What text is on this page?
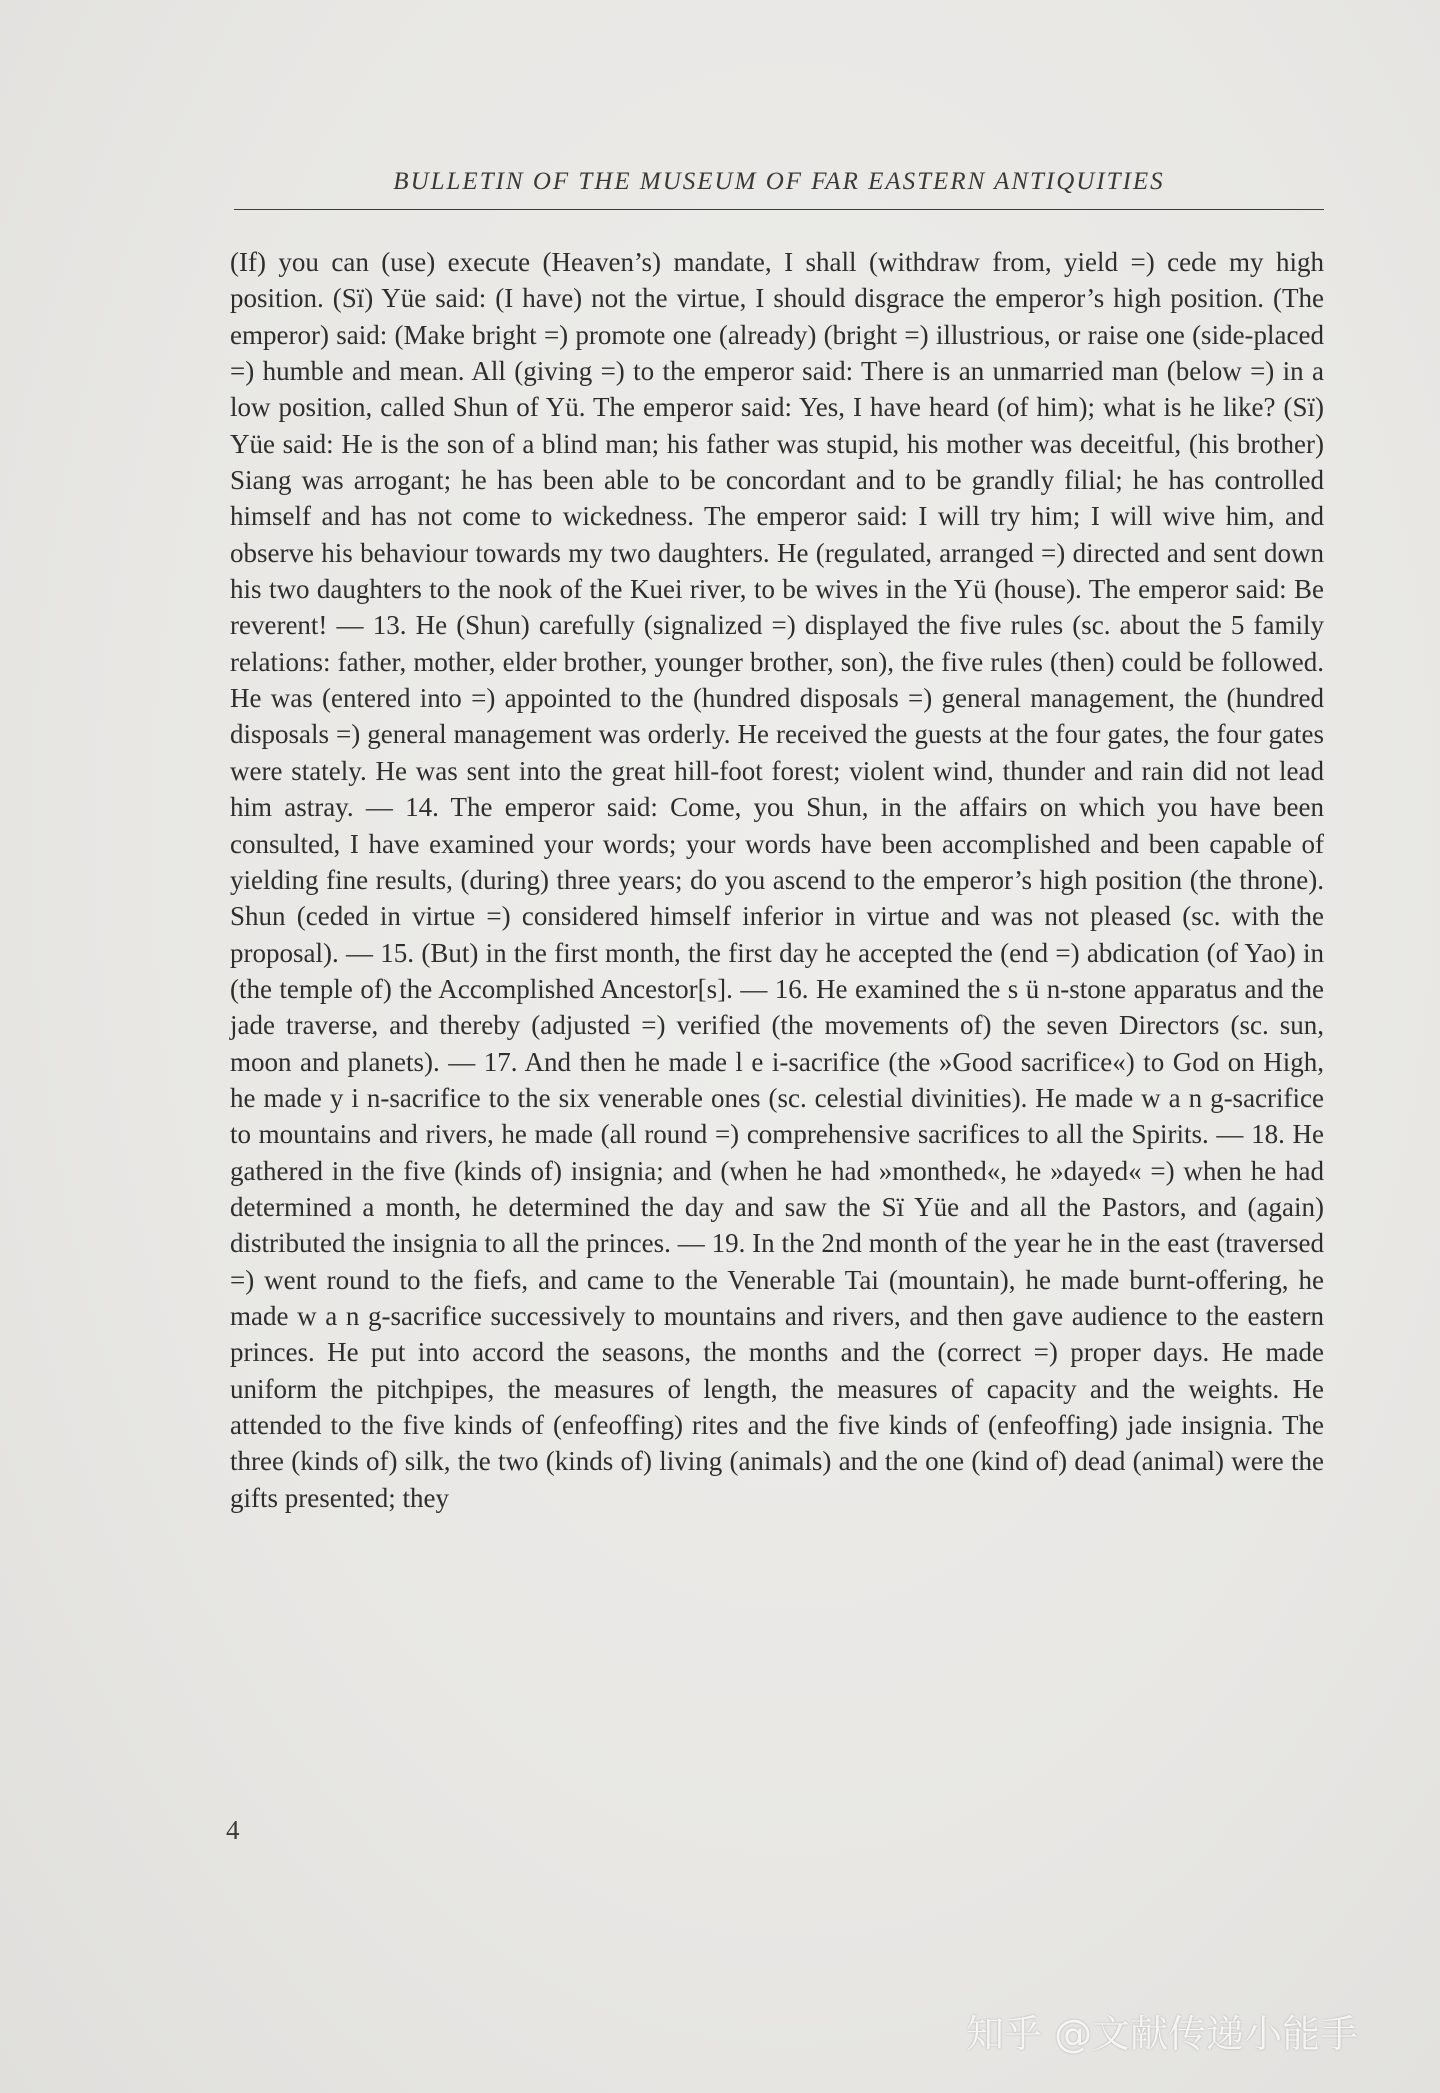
BULLETIN OF THE MUSEUM OF FAR EASTERN ANTIQUITIES

(If) you can (use) execute (Heaven’s) mandate, I shall (withdraw from, yield =) cede my high position. (Sï) Yüe said: (I have) not the virtue, I should disgrace the emperor’s high position. (The emperor) said: (Make bright =) promote one (already) (bright =) illustrious, or raise one (side-placed =) humble and mean. All (giving =) to the emperor said: There is an unmarried man (below =) in a low position, called Shun of Yü. The emperor said: Yes, I have heard (of him); what is he like? (Sï) Yüe said: He is the son of a blind man; his father was stupid, his mother was deceitful, (his brother) Siang was arrogant; he has been able to be concordant and to be grandly filial; he has controlled himself and has not come to wickedness. The emperor said: I will try him; I will wive him, and observe his behaviour towards my two daughters. He (regulated, arranged =) directed and sent down his two daughters to the nook of the Kuei river, to be wives in the Yü (house). The emperor said: Be reverent! — 13. He (Shun) carefully (signalized =) displayed the five rules (sc. about the 5 family relations: father, mother, elder brother, younger brother, son), the five rules (then) could be followed. He was (entered into =) appointed to the (hundred disposals =) general management, the (hundred disposals =) general management was orderly. He received the guests at the four gates, the four gates were stately. He was sent into the great hill-foot forest; violent wind, thunder and rain did not lead him astray. — 14. The emperor said: Come, you Shun, in the affairs on which you have been consulted, I have examined your words; your words have been accomplished and been capable of yielding fine results, (during) three years; do you ascend to the emperor’s high position (the throne). Shun (ceded in virtue =) considered himself inferior in virtue and was not pleased (sc. with the proposal). — 15. (But) in the first month, the first day he accepted the (end =) abdication (of Yao) in (the temple of) the Accomplished Ancestor[s]. — 16. He examined the s ü n-stone apparatus and the jade traverse, and thereby (adjusted =) verified (the movements of) the seven Directors (sc. sun, moon and planets). — 17. And then he made l e i-sacrifice (the »Good sacrifice«) to God on High, he made y i n-sacrifice to the six venerable ones (sc. celestial divinities). He made w a n g-sacrifice to mountains and rivers, he made (all round =) comprehensive sacrifices to all the Spirits. — 18. He gathered in the five (kinds of) insignia; and (when he had »monthed«, he »dayed« =) when he had determined a month, he determined the day and saw the Sï Yüe and all the Pastors, and (again) distributed the insignia to all the princes. — 19. In the 2nd month of the year he in the east (traversed =) went round to the fiefs, and came to the Venerable Tai (mountain), he made burnt-offering, he made w a n g-sacrifice successively to mountains and rivers, and then gave audience to the eastern princes. He put into accord the seasons, the months and the (correct =) proper days. He made uniform the pitchpipes, the measures of length, the measures of capacity and the weights. He attended to the five kinds of (enfeoffing) rites and the five kinds of (enfeoffing) jade insignia. The three (kinds of) silk, the two (kinds of) living (animals) and the one (kind of) dead (animal) were the gifts presented; they

4
知乎 @文献传递小能手
